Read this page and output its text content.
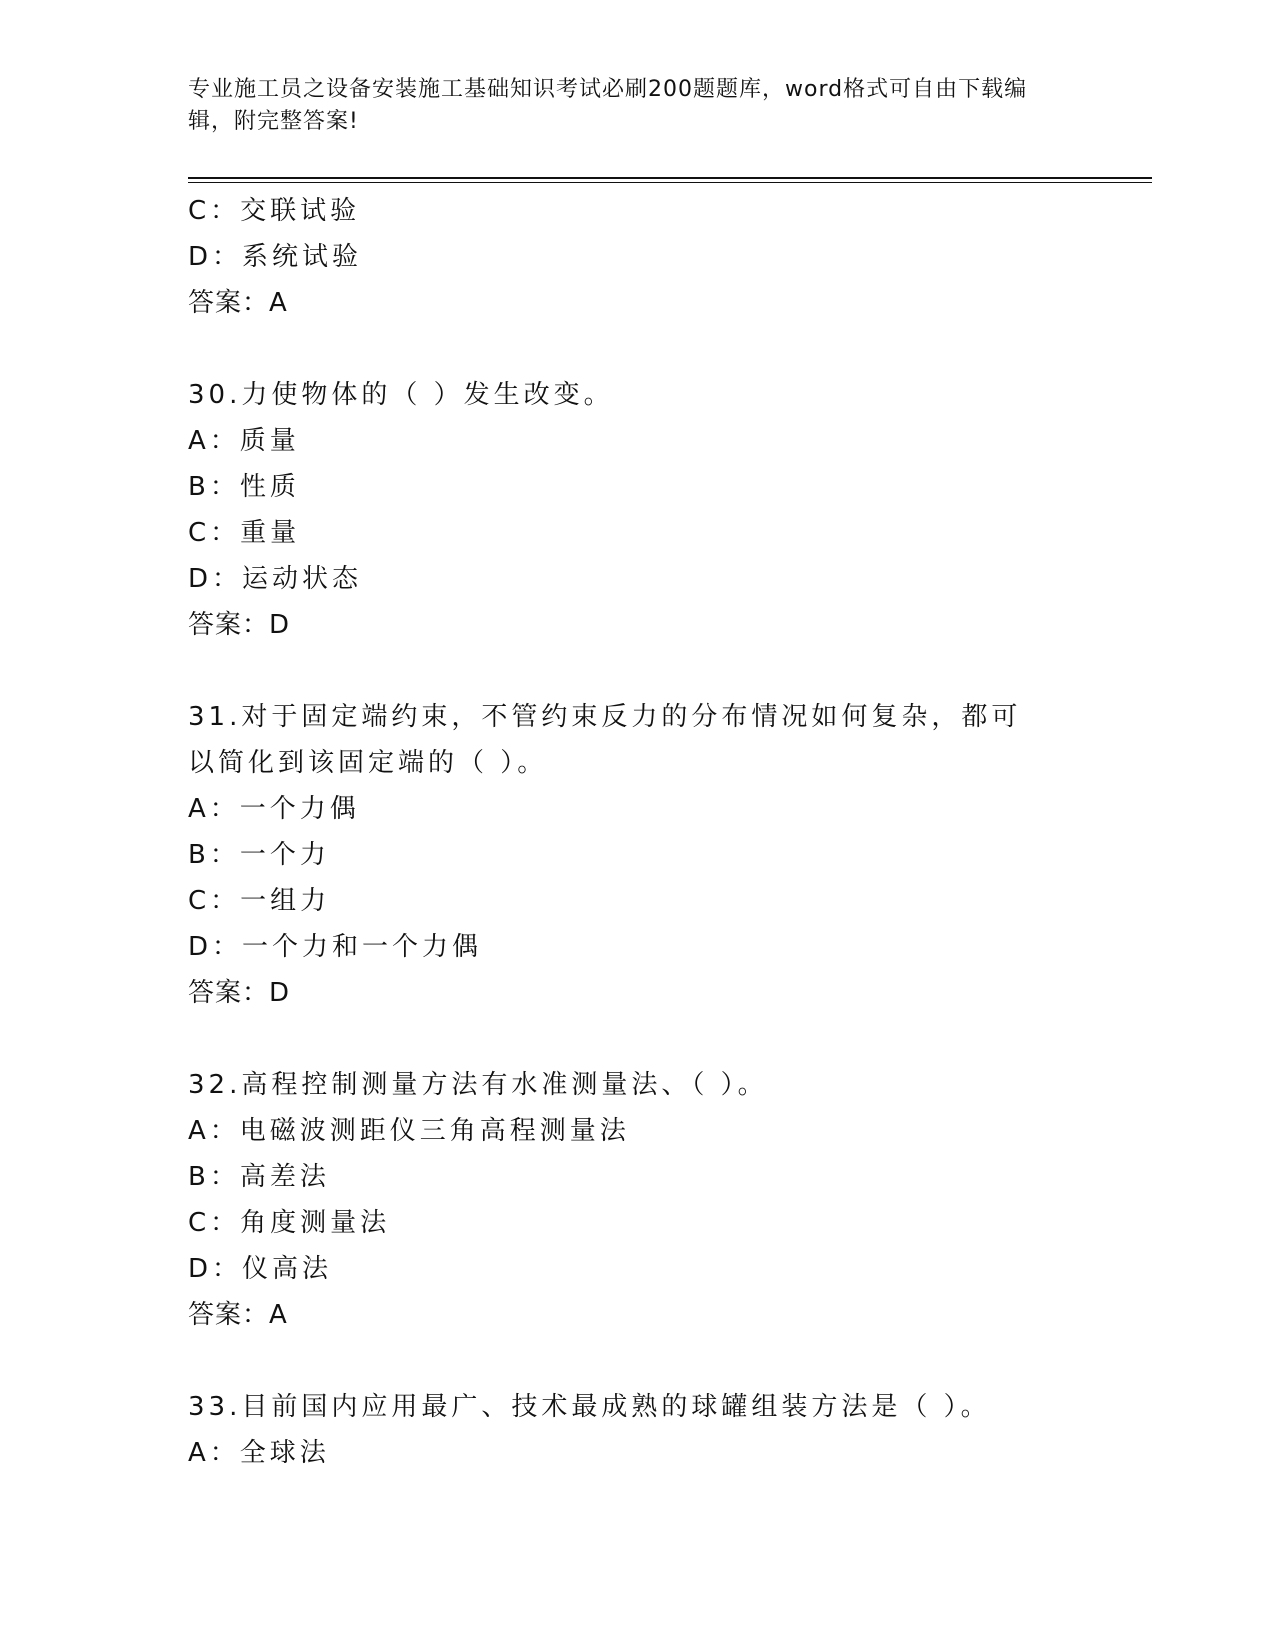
专业施工员之设备安装施工基础知识考试必刷200题题库，word格式可自由下载编辑，附完整答案!
C：交联试验
D：系统试验
答案：A
30.力使物体的（ ）发生改变。
A：质量
B：性质
C：重量
D：运动状态
答案：D
31.对于固定端约束，不管约束反力的分布情况如何复杂，都可以简化到该固定端的（ ）。
A：一个力偶
B：一个力
C：一组力
D：一个力和一个力偶
答案：D
32.高程控制测量方法有水准测量法、（ ）。
A：电磁波测距仪三角高程测量法
B：高差法
C：角度测量法
D：仪高法
答案：A
33.目前国内应用最广、技术最成熟的球罐组装方法是（ ）。
A：全球法
